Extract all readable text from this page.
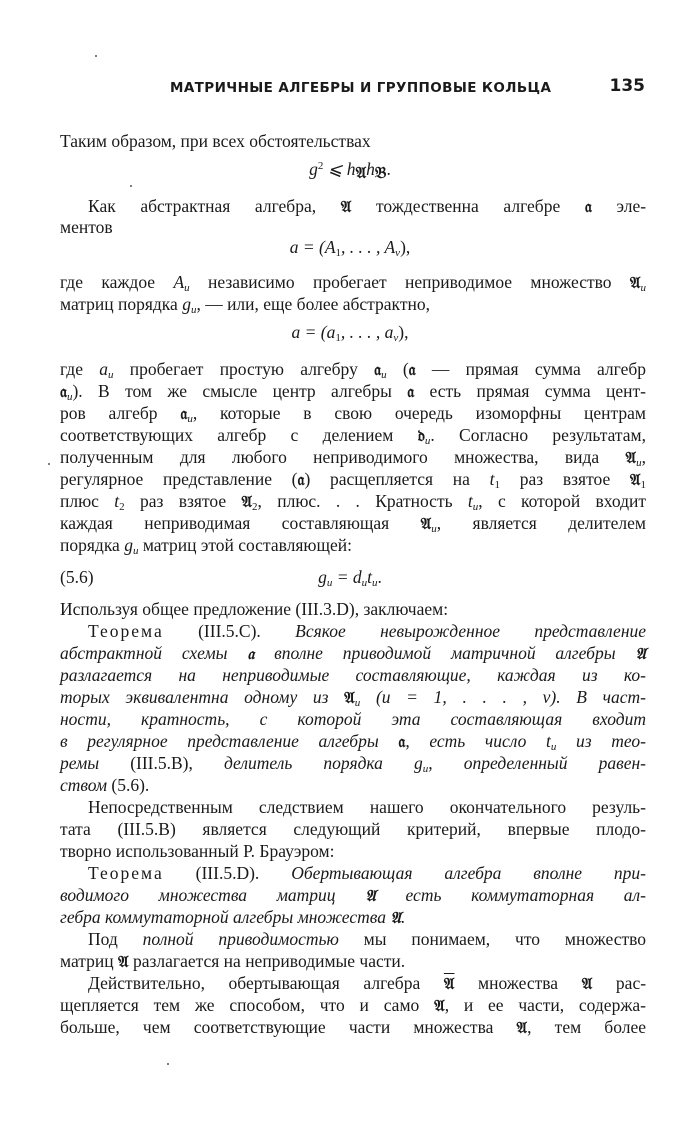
МАТРИЧНЫЕ АЛГЕБРЫ И ГРУППОВЫЕ КОЛЬЦА	135
Таким образом, при всех обстоятельствах
$g^2$ ⩽ $h_𝔄h_𝔅$.
Как абстрактная алгебра, 𝔄 тождественна алгебре 𝔞 эле-
ментов
$a = (A_1$, . . . , $A_v$),
где каждое $A_u$ независимо пробегает неприводимое множество 𝔄$_u$
матриц порядка $g_u$, — или, еще более абстрактно,
$a = (a_1$, . . . , $a_v$),
где $a_u$ пробегает простую алгебру 𝔞$_u$ (𝔞 — прямая сумма алгебр
𝔞$_u$). В том же смысле центр алгебры 𝔞 есть прямая сумма цент-
ров алгебр 𝔞$_u$, которые в свою очередь изоморфны центрам
соответствующих алгебр с делением 𝔡$_u$. Согласно результатам,
полученным для любого неприводимого множества, вида 𝔄$_u$,
регулярное представление (𝔞) расщепляется на $t_1$ раз взятое 𝔄$_1$
плюс $t_2$ раз взятое 𝔄$_2$, плюс. . . Кратность $t_u$, с которой входит
каждая неприводимая составляющая 𝔄$_u$, является делителем
порядка $g_u$ матриц этой составляющей:
(5.6)	$g_u = d_ut_u$.
Используя общее предложение (III.3.D), заключаем:
Теорема (III.5.C). Всякое невырожденное представление
абстрактной схемы 𝔞 вполне приводимой матричной алгебры 𝔄
разлагается на неприводимые составляющие, каждая из ко-
торых эквивалентна одному из 𝔄$_u$ (u = 1, . . . , v). В част-
ности, кратность, с которой эта составляющая входит
в регулярное представление алгебры 𝔞, есть число $t_u$ из тео-
ремы (III.5.B), делитель порядка $g_u$, определенный равен-
ством (5.6).
Непосредственным следствием нашего окончательного резуль-
тата (III.5.B) является следующий критерий, впервые плодо-
творно использованный Р. Брауэром:
Теорема (III.5.D). Обертывающая алгебра вполне при-
водимого множества матриц 𝔄 есть коммутаторная ал-
гебра коммутаторной алгебры множества 𝔄.
Под полной приводимостью мы понимаем, что множество
матриц 𝔄 разлагается на неприводимые части.
Действительно, обертывающая алгебра 𝔄 множества 𝔄 рас-
щепляется тем же способом, что и само 𝔄, и ее части, содержа-
больше, чем соответствующие части множества 𝔄, тем более
